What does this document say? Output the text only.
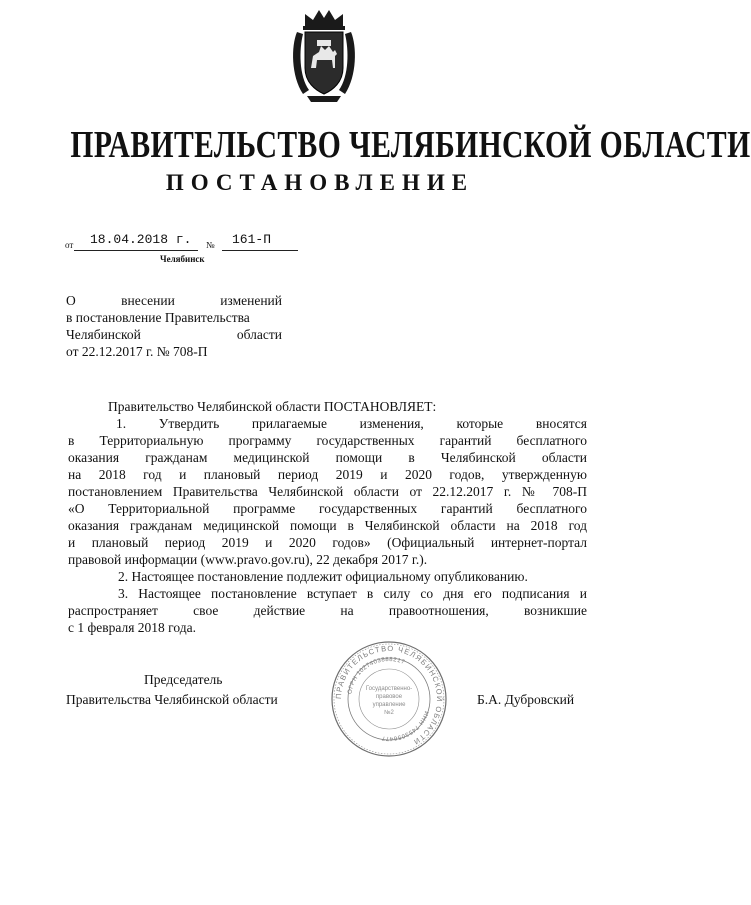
ПРАВИТЕЛЬСТВО ЧЕЛЯБИНСКОЙ ОБЛАСТИ
ПОСТАНОВЛЕНИЕ
от 18.04.2018 г. № 161-П
Челябинск
О внесении изменений
в постановление Правительства
Челябинской области
от 22.12.2017 г. № 708-П

Правительство Челябинской области ПОСТАНОВЛЯЕТ:

1. Утвердить прилагаемые изменения, которые вносятся
в Территориальную программу государственных гарантий бесплатного
оказания гражданам медицинской помощи в Челябинской области
на 2018 год и плановый период 2019 и 2020 годов, утвержденную
постановлением Правительства Челябинской области от 22.12.2017 г. № 708-П
«О Территориальной программе государственных гарантий бесплатного
оказания гражданам медицинской помощи в Челябинской области на 2018 год
и плановый период 2019 и 2020 годов» (Официальный интернет-портал
правовой информации (www.pravo.gov.ru), 22 декабря 2017 г.).

2. Настоящее постановление подлежит официальному опубликованию.

3. Настоящее постановление вступает в силу со дня его подписания и
распространяет свое действие на правоотношения, возникшие
с 1 февраля 2018 года.
Председатель
Правительства Челябинской области	Б.А. Дубровский
ПРАВИТЕЛЬСТВО ЧЕЛЯБИНСКОЙ ОБЛАСТИ
ОГРН 1027403888217
ИНН 7453056477
Государственно-
правовое
управление
№2
